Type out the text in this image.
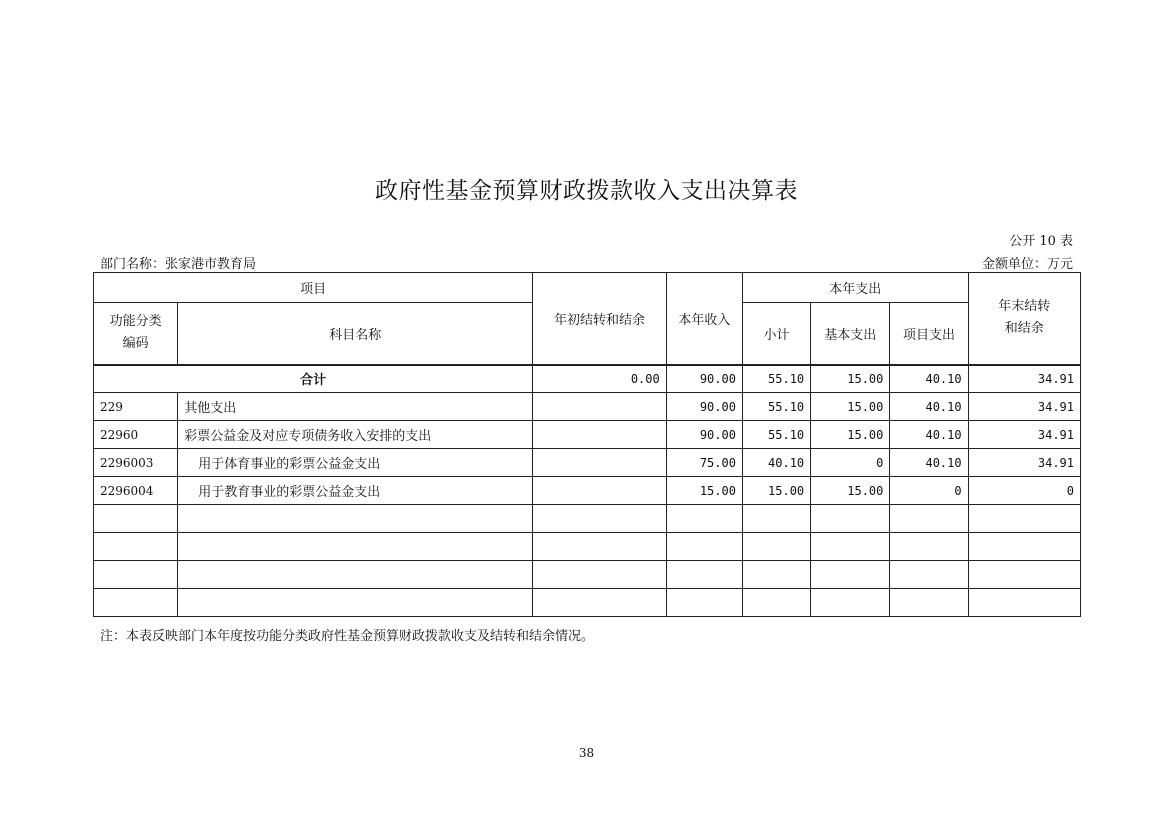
政府性基金预算财政拨款收入支出决算表
公开 10 表
部门名称：张家港市教育局	金额单位：万元
项目		年初结转和结余	本年收入	本年支出			年末结转
和结余
功能分类
编码	科目名称			小计	基本支出	项目支出	
合计		0.00	90.00	55.10	15.00	40.10	34.91
229	其他支出		90.00	55.10	15.00	40.10	34.91
22960	彩票公益金及对应专项债务收入安排的支出		90.00	55.10	15.00	40.10	34.91
2296003	用于体育事业的彩票公益金支出		75.00	40.10	0	40.10	34.91
2296004	用于教育事业的彩票公益金支出		15.00	15.00	15.00	0	0

注：本表反映部门本年度按功能分类政府性基金预算财政拨款收支及结转和结余情况。
38
